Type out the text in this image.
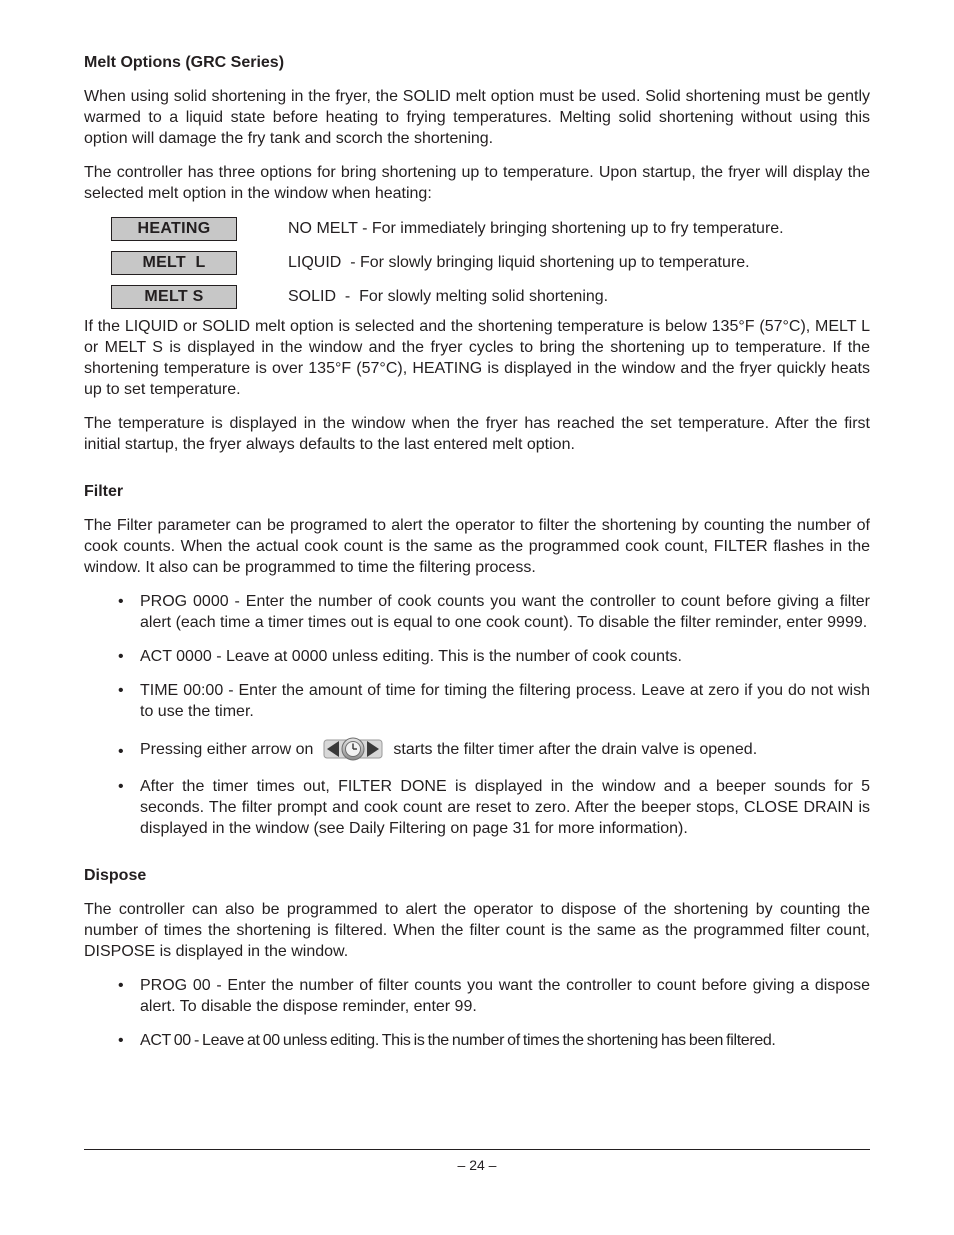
Melt Options (GRC Series)

When using solid shortening in the fryer, the SOLID melt option must be used. Solid shortening must be gently warmed to a liquid state before heating to frying temperatures. Melting solid shortening without using this option will damage the fry tank and scorch the shortening.

The controller has three options for bring shortening up to temperature. Upon startup, the fryer will display the selected melt option in the window when heating:

HEATING	NO MELT - For immediately bringing shortening up to fry temperature.
MELT  L	LIQUID  - For slowly bringing liquid shortening up to temperature.
MELT S	SOLID  -  For slowly melting solid shortening.

If the LIQUID or SOLID melt option is selected and the shortening temperature is below 135°F (57°C), MELT L or MELT S is displayed in the window and the fryer cycles to bring the shortening up to temperature. If the shortening temperature is over 135°F (57°C), HEATING is displayed in the window and the fryer quickly heats up to set temperature.

The temperature is displayed in the window when the fryer has reached the set temperature. After the first initial startup, the fryer always defaults to the last entered melt option.

Filter

The Filter parameter can be programed to alert the operator to filter the shortening by counting the number of cook counts. When the actual cook count is the same as the programmed cook count, FILTER flashes in the window. It also can be programmed to time the filtering process.

• PROG 0000 - Enter the number of cook counts you want the controller to count before giving a filter alert (each time a timer times out is equal to one cook count). To disable the filter reminder, enter 9999.
• ACT 0000 - Leave at 0000 unless editing. This is the number of cook counts.
• TIME 00:00 - Enter the amount of time for timing the filtering process. Leave at zero if you do not wish to use the timer.
• Pressing either arrow on	starts the filter timer after the drain valve is opened.
• After the timer times out, FILTER DONE is displayed in the window and a beeper sounds for 5 seconds. The filter prompt and cook count are reset to zero. After the beeper stops, CLOSE DRAIN is displayed in the window (see Daily Filtering on page 31 for more information).
Dispose

The controller can also be programmed to alert the operator to dispose of the shortening by counting the number of times the shortening is filtered. When the filter count is the same as the programmed filter count, DISPOSE is displayed in the window.

• PROG 00 - Enter the number of filter counts you want the controller to count before giving a dispose alert. To disable the dispose reminder, enter 99.
• ACT 00 - Leave at 00 unless editing. This is the number of times the shortening has been filtered.
– 24 –
